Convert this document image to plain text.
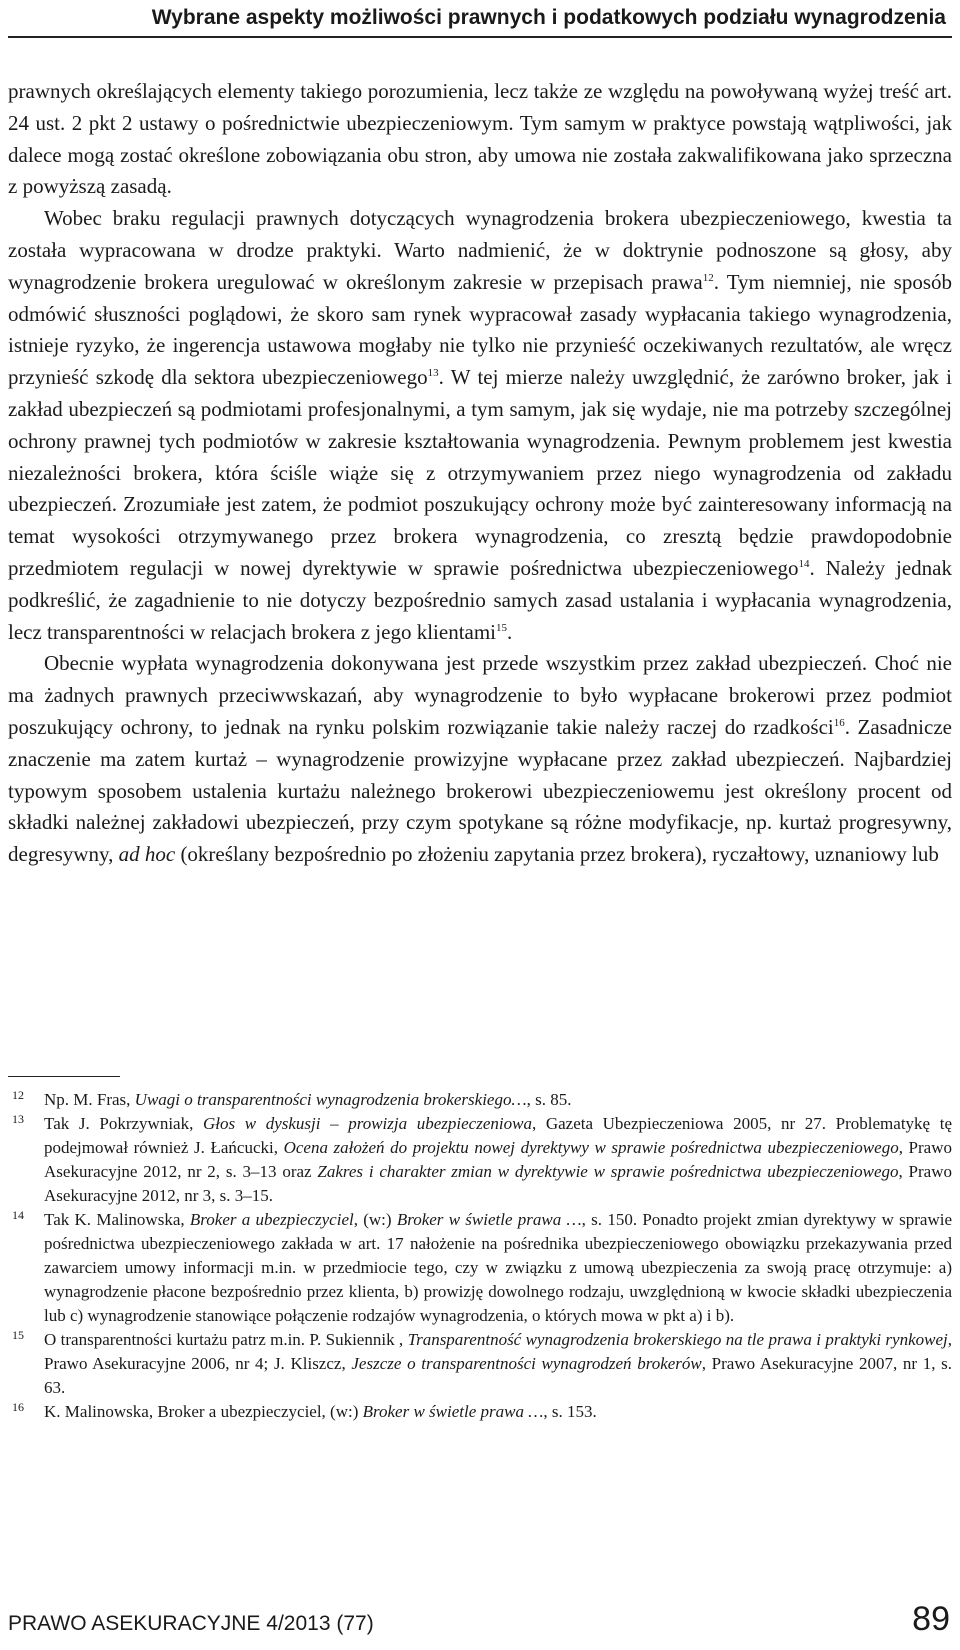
Wybrane aspekty możliwości prawnych i podatkowych podziału wynagrodzenia

prawnych określających elementy takiego porozumienia, lecz także ze względu na powoływaną wyżej treść art. 24 ust. 2 pkt 2 ustawy o pośrednictwie ubezpieczeniowym. Tym samym w praktyce powstają wątpliwości, jak dalece mogą zostać określone zobowiązania obu stron, aby umowa nie została zakwalifikowana jako sprzeczna z powyższą zasadą.

Wobec braku regulacji prawnych dotyczących wynagrodzenia brokera ubezpieczeniowego, kwestia ta została wypracowana w drodze praktyki. Warto nadmienić, że w doktrynie podnoszone są głosy, aby wynagrodzenie brokera uregulować w określonym zakresie w przepisach prawa$^{12}$. Tym niemniej, nie sposób odmówić słuszności poglądowi, że skoro sam rynek wypracował zasady wypłacania takiego wynagrodzenia, istnieje ryzyko, że ingerencja ustawowa mogłaby nie tylko nie przynieść oczekiwanych rezultatów, ale wręcz przynieść szkodę dla sektora ubezpieczeniowego$^{13}$. W tej mierze należy uwzględnić, że zarówno broker, jak i zakład ubezpieczeń są podmiotami profesjonalnymi, a tym samym, jak się wydaje, nie ma potrzeby szczególnej ochrony prawnej tych podmiotów w zakresie kształtowania wynagrodzenia. Pewnym problemem jest kwestia niezależności brokera, która ściśle wiąże się z otrzymywaniem przez niego wynagrodzenia od zakładu ubezpieczeń. Zrozumiałe jest zatem, że podmiot poszukujący ochrony może być zainteresowany informacją na temat wysokości otrzymywanego przez brokera wynagrodzenia, co zresztą będzie prawdopodobnie przedmiotem regulacji w nowej dyrektywie w sprawie pośrednictwa ubezpieczeniowego$^{14}$. Należy jednak podkreślić, że zagadnienie to nie dotyczy bezpośrednio samych zasad ustalania i wypłacania wynagrodzenia, lecz transparentności w relacjach brokera z jego klientami$^{15}$.

Obecnie wypłata wynagrodzenia dokonywana jest przede wszystkim przez zakład ubezpieczeń. Choć nie ma żadnych prawnych przeciwwskazań, aby wynagrodzenie to było wypłacane brokerowi przez podmiot poszukujący ochrony, to jednak na rynku polskim rozwiązanie takie należy raczej do rzadkości$^{16}$. Zasadnicze znaczenie ma zatem kurtaż – wynagrodzenie prowizyjne wypłacane przez zakład ubezpieczeń. Najbardziej typowym sposobem ustalenia kurtażu należnego brokerowi ubezpieczeniowemu jest określony procent od składki należnej zakładowi ubezpieczeń, przy czym spotykane są różne modyfikacje, np. kurtaż progresywny, degresywny, ad hoc (określany bezpośrednio po złożeniu zapytania przez brokera), ryczałtowy, uznaniowy lub

12 Np. M. Fras, Uwagi o transparentności wynagrodzenia brokerskiego…, s. 85.
13 Tak J. Pokrzywniak, Głos w dyskusji – prowizja ubezpieczeniowa, Gazeta Ubezpieczeniowa 2005, nr 27. Problematykę tę podejmował również J. Łańcucki, Ocena założeń do projektu nowej dyrektywy w sprawie pośrednictwa ubezpieczeniowego, Prawo Asekuracyjne 2012, nr 2, s. 3–13 oraz Zakres i charakter zmian w dyrektywie w sprawie pośrednictwa ubezpieczeniowego, Prawo Asekuracyjne 2012, nr 3, s. 3–15.
14 Tak K. Malinowska, Broker a ubezpieczyciel, (w:) Broker w świetle prawa …, s. 150. Ponadto projekt zmian dyrektywy w sprawie pośrednictwa ubezpieczeniowego zakłada w art. 17 nałożenie na pośrednika ubezpieczeniowego obowiązku przekazywania przed zawarciem umowy informacji m.in. w przedmiocie tego, czy w związku z umową ubezpieczenia za swoją pracę otrzymuje: a) wynagrodzenie płacone bezpośrednio przez klienta, b) prowizję dowolnego rodzaju, uwzględnioną w kwocie składki ubezpieczenia lub c) wynagrodzenie stanowiące połączenie rodzajów wynagrodzenia, o których mowa w pkt a) i b).
15 O transparentności kurtażu patrz m.in. P. Sukiennik , Transparentność wynagrodzenia brokerskiego na tle prawa i praktyki rynkowej, Prawo Asekuracyjne 2006, nr 4; J. Kliszcz, Jeszcze o transparentności wynagrodzeń brokerów, Prawo Asekuracyjne 2007, nr 1, s. 63.
16 K. Malinowska, Broker a ubezpieczyciel, (w:) Broker w świetle prawa …, s. 153.
PRAWO ASEKURACYJNE 4/2013 (77)	89
